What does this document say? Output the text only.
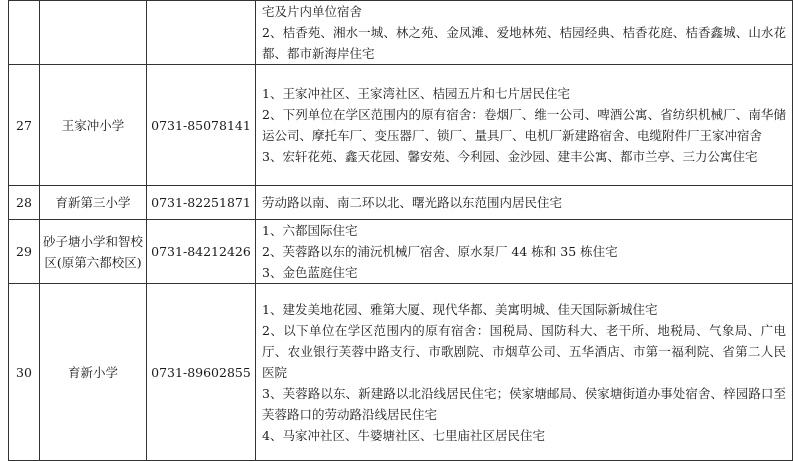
			宅及片内单位宿舍
2、桔香苑、湘水一城、林之苑、金凤滩、爱地林苑、桔园经典、桔香花庭、桔香鑫城、山水花都、都市新海岸住宅

27	王家冲小学	0731-85078141	1、王家冲社区、王家湾社区、桔园五片和七片居民住宅
2、下列单位在学区范围内的原有宿舍：卷烟厂、维一公司、啤酒公寓、省纺织机械厂、南华储运公司、摩托车厂、变压器厂、锁厂、量具厂、电机厂新建路宿舍、电缆附件厂王家冲宿舍
3、宏轩花苑、鑫天花园、馨安苑、今利园、金沙园、建丰公寓、都市兰亭、三力公寓住宅

28	育新第三小学	0731-82251871	劳动路以南、南二环以北、曙光路以东范围内居民住宅

29	砂子塘小学和智校区(原第六都校区)	0731-84212426	1、六都国际住宅
2、芙蓉路以东的浦沅机械厂宿舍、原水泵厂 44 栋和 35 栋住宅
3、金色蓝庭住宅

30	育新小学	0731-89602855	1、建发美地花园、雅第大厦、现代华都、美寓明城、佳天国际新城住宅
2、以下单位在学区范围内的原有宿舍：国税局、国防科大、老干所、地税局、气象局、广电厅、农业银行芙蓉中路支行、市歌剧院、市烟草公司、五华酒店、市第一福利院、省第二人民医院
3、芙蓉路以东、新建路以北沿线居民住宅；侯家塘邮局、侯家塘街道办事处宿舍、梓园路口至芙蓉路口的劳动路沿线居民住宅
4、马家冲社区、牛婆塘社区、七里庙社区居民住宅
